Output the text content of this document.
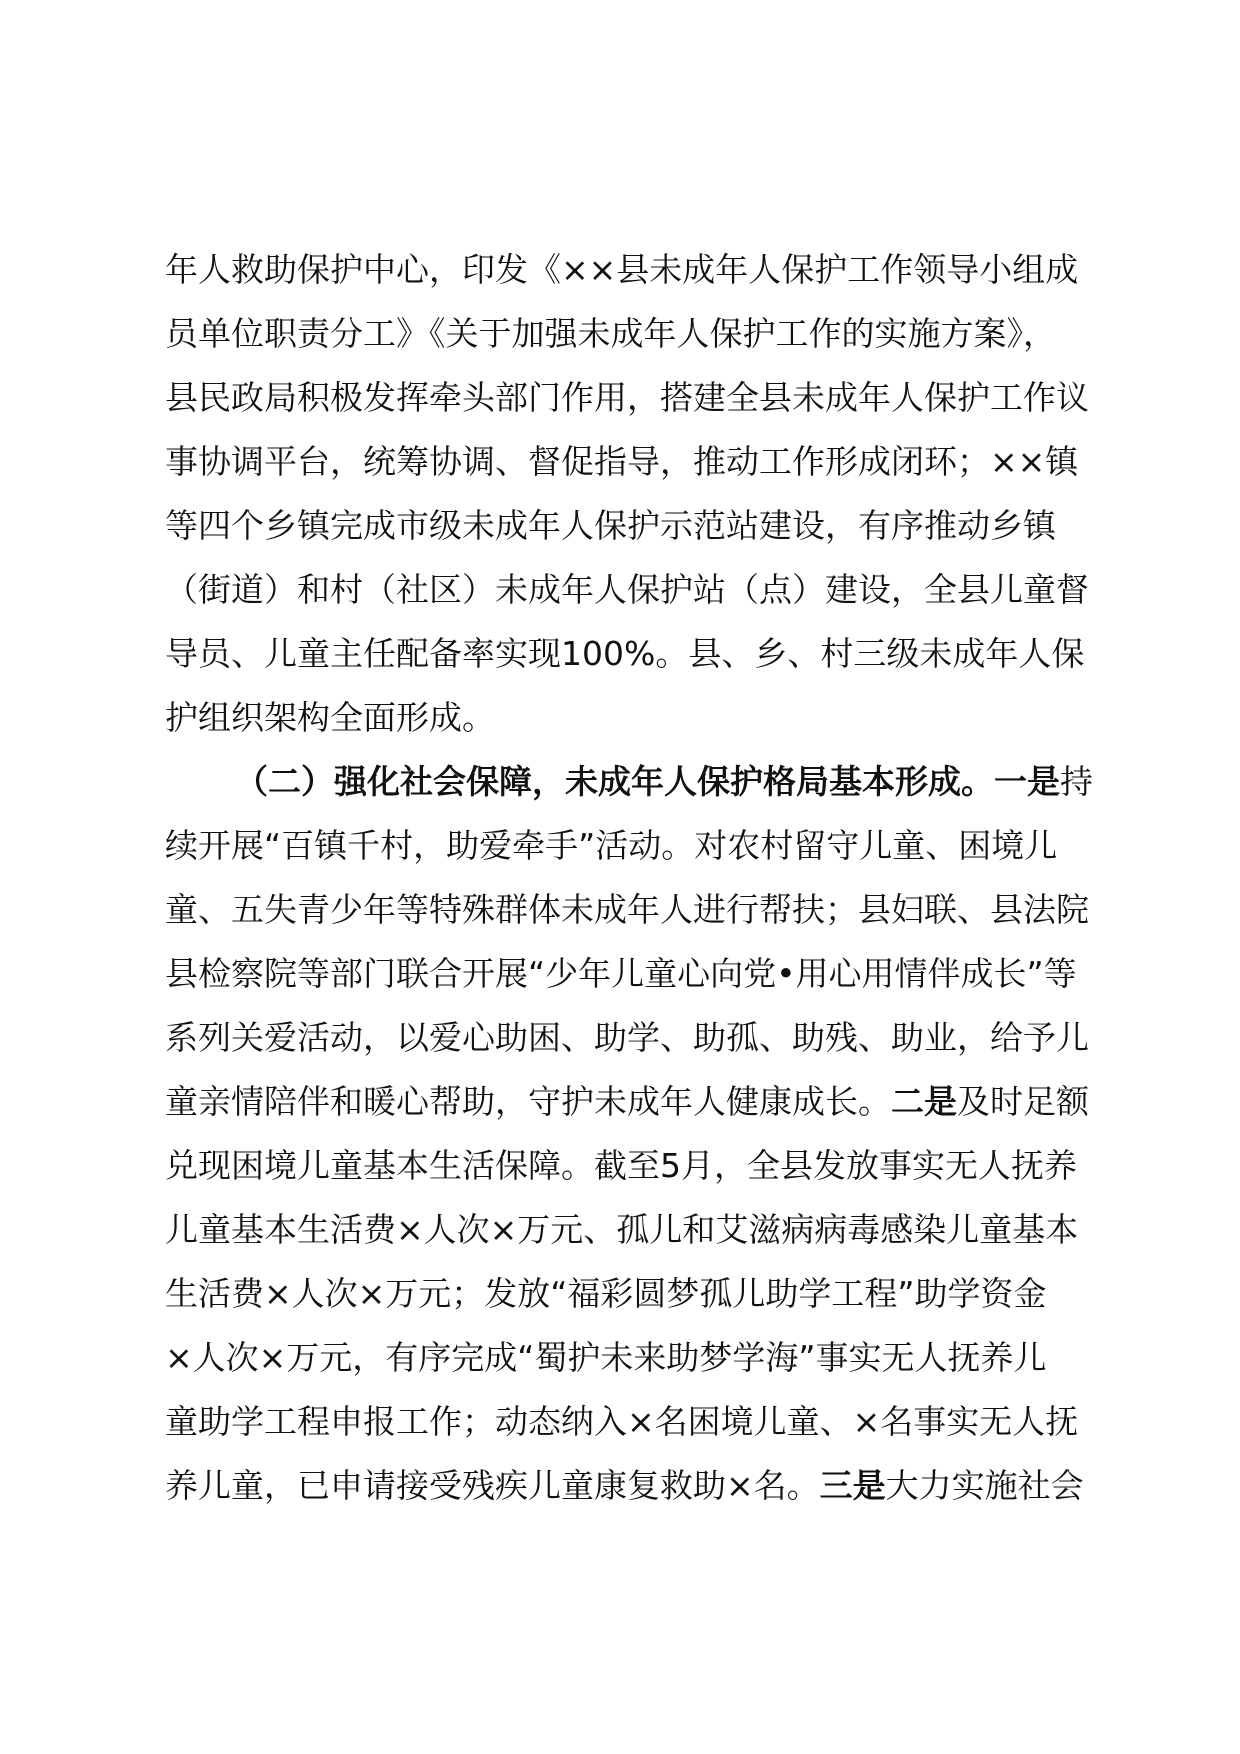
年人救助保护中心，印发《××县未成年人保护工作领导小组成
员单位职责分工》《关于加强未成年人保护工作的实施方案》，
县民政局积极发挥牵头部门作用，搭建全县未成年人保护工作议
事协调平台，统筹协调、督促指导，推动工作形成闭环；××镇
等四个乡镇完成市级未成年人保护示范站建设，有序推动乡镇
（街道）和村（社区）未成年人保护站（点）建设，全县儿童督
导员、儿童主任配备率实现100%。县、乡、村三级未成年人保
护组织架构全面形成。
（二）强化社会保障，未成年人保护格局基本形成。一是持
续开展“百镇千村，助爱牵手”活动。对农村留守儿童、困境儿
童、五失青少年等特殊群体未成年人进行帮扶；县妇联、县法院
县检察院等部门联合开展“少年儿童心向党•用心用情伴成长”等
系列关爱活动，以爱心助困、助学、助孤、助残、助业，给予儿
童亲情陪伴和暖心帮助，守护未成年人健康成长。二是及时足额
兑现困境儿童基本生活保障。截至5月，全县发放事实无人抚养
儿童基本生活费×人次×万元、孤儿和艾滋病病毒感染儿童基本
生活费×人次×万元；发放“福彩圆梦孤儿助学工程”助学资金
×人次×万元，有序完成“蜀护未来助梦学海”事实无人抚养儿
童助学工程申报工作；动态纳入×名困境儿童、×名事实无人抚
养儿童，已申请接受残疾儿童康复救助×名。三是大力实施社会
